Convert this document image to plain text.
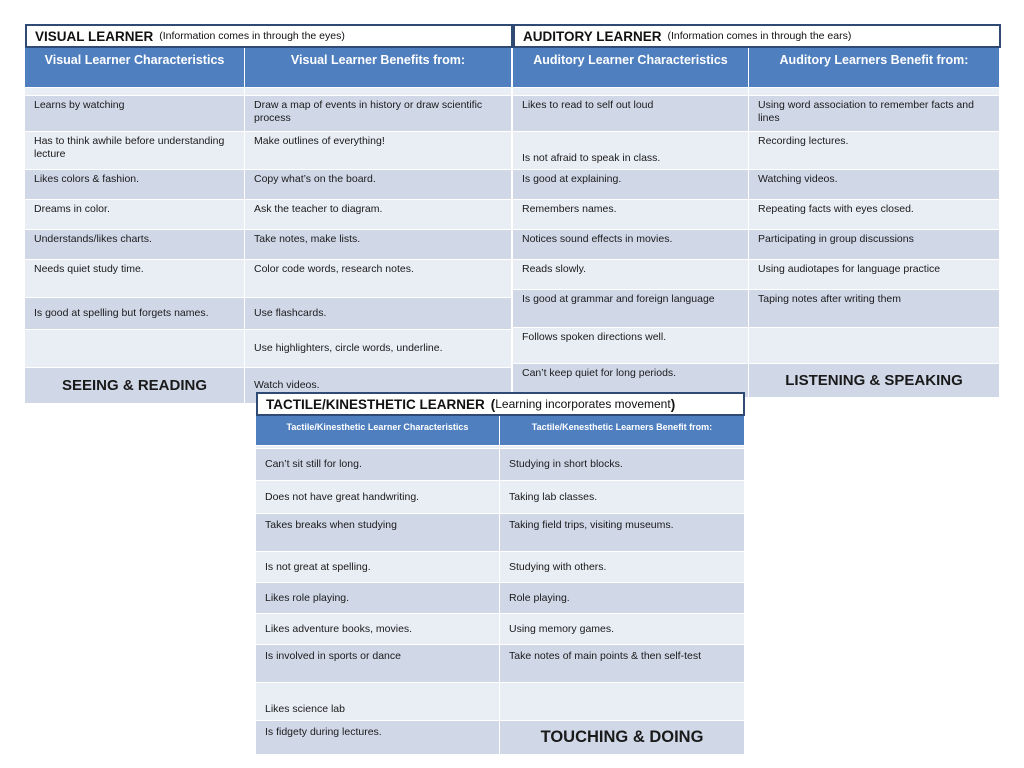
VISUAL LEARNER (Information comes in through the eyes)
Visual Learner Characteristics	Visual Learner Benefits from:

Learns by watching	Draw a map of events in history or draw scientific process
Has to think awhile before understanding lecture	Make outlines of everything!
Likes colors & fashion.	Copy what’s on the board.
Dreams in color.	Ask the teacher to diagram.
Understands/likes charts.	Take notes, make lists.
Needs quiet study time.	Color code words, research notes.
Is good at spelling but forgets names.	Use flashcards.
	Use highlighters, circle words, underline.
SEEING & READING	Watch videos.
AUDITORY LEARNER (Information comes in through the ears)
Auditory Learner Characteristics	Auditory Learners Benefit from:

Likes to read to self out loud	Using word association to remember facts and lines
Is not afraid to speak in class.	Recording lectures.
Is good at explaining.	Watching videos.
Remembers names.	Repeating facts with eyes closed.
Notices sound effects in movies.	Participating in group discussions
Reads slowly.	Using audiotapes for language practice
Is good at grammar and foreign language	Taping notes after writing them
Follows spoken directions well.	
Can’t keep quiet for long periods.	LISTENING & SPEAKING
TACTILE/KINESTHETIC LEARNER ( Learning incorporates movement )
Tactile/Kinesthetic Learner Characteristics	Tactile/Kenesthetic Learners Benefit from:

Can’t sit still for long.	Studying in short blocks.
Does not have great handwriting.	Taking lab classes.
Takes breaks when studying	Taking field trips, visiting museums.
Is not great at spelling.	Studying with others.
Likes role playing.	Role playing.
Likes adventure books, movies.	Using memory games.
Is involved in sports or dance	Take notes of main points & then self-test
Likes science lab	
Is fidgety during lectures.	TOUCHING & DOING
